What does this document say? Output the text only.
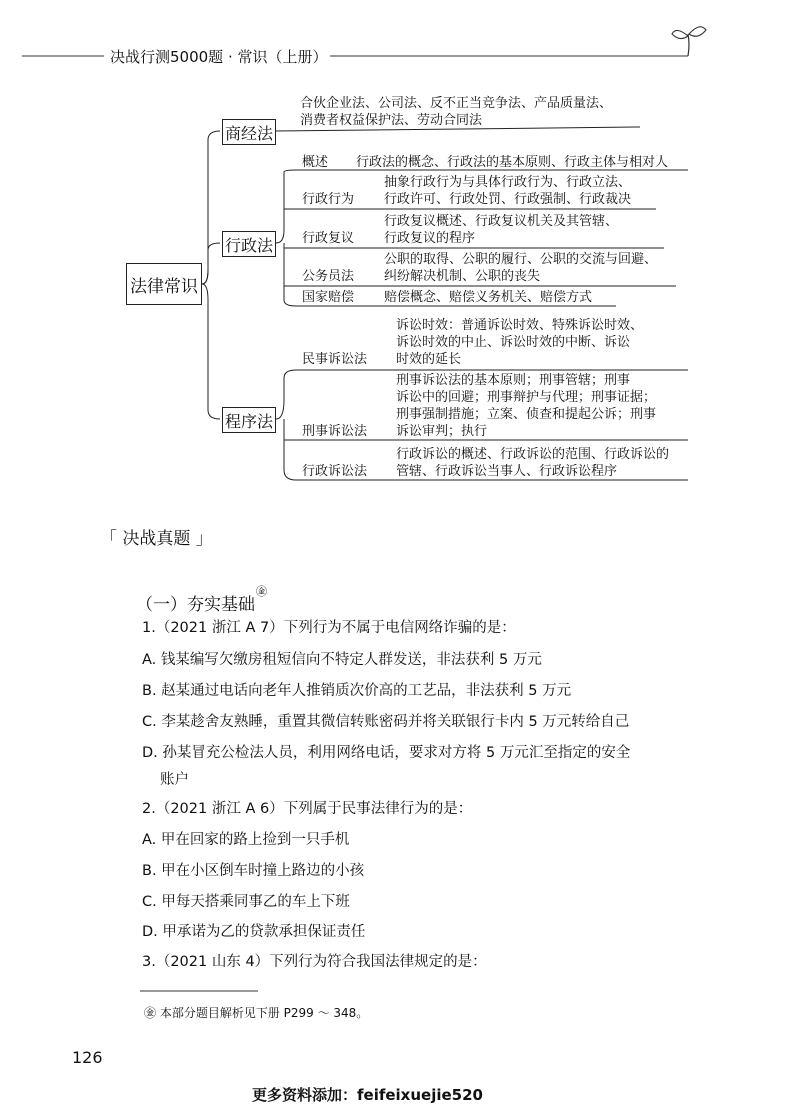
决战行测5000题 · 常识（上册）
法律常识
商经法
行政法
程序法
合伙企业法、公司法、反不正当竞争法、产品质量法、
消费者权益保护法、劳动合同法
概述 行政法的概念、行政法的基本原则、行政主体与相对人
行政行为
抽象行政行为与具体行政行为、行政立法、
行政许可、行政处罚、行政强制、行政裁决
行政复议
行政复议概述、行政复议机关及其管辖、
行政复议的程序
公务员法
公职的取得、公职的履行、公职的交流与回避、
纠纷解决机制、公职的丧失
国家赔偿 赔偿概念、赔偿义务机关、赔偿方式
民事诉讼法
诉讼时效：普通诉讼时效、特殊诉讼时效、
诉讼时效的中止、诉讼时效的中断、诉讼
时效的延长
刑事诉讼法
刑事诉讼法的基本原则；刑事管辖；刑事
诉讼中的回避；刑事辩护与代理；刑事证据；
刑事强制措施；立案、侦查和提起公诉；刑事
诉讼审判；执行
行政诉讼法
行政诉讼的概述、行政诉讼的范围、行政诉讼的
管辖、行政诉讼当事人、行政诉讼程序
「 决战真题 」
（一）夯实基础
㊎
1.（2021 浙江 A 7）下列行为不属于电信网络诈骗的是：
A. 钱某编写欠缴房租短信向不特定人群发送，非法获利 5 万元
B. 赵某通过电话向老年人推销质次价高的工艺品，非法获利 5 万元
C. 李某趁舍友熟睡，重置其微信转账密码并将关联银行卡内 5 万元转给自己
D. 孙某冒充公检法人员，利用网络电话，要求对方将 5 万元汇至指定的安全
账户
2.（2021 浙江 A 6）下列属于民事法律行为的是：
A. 甲在回家的路上捡到一只手机
B. 甲在小区倒车时撞上路边的小孩
C. 甲每天搭乘同事乙的车上下班
D. 甲承诺为乙的贷款承担保证责任
3.（2021 山东 4）下列行为符合我国法律规定的是：
㊎ 本部分题目解析见下册 P299 ～ 348。
126
更多资料添加：feifeixuejie520
